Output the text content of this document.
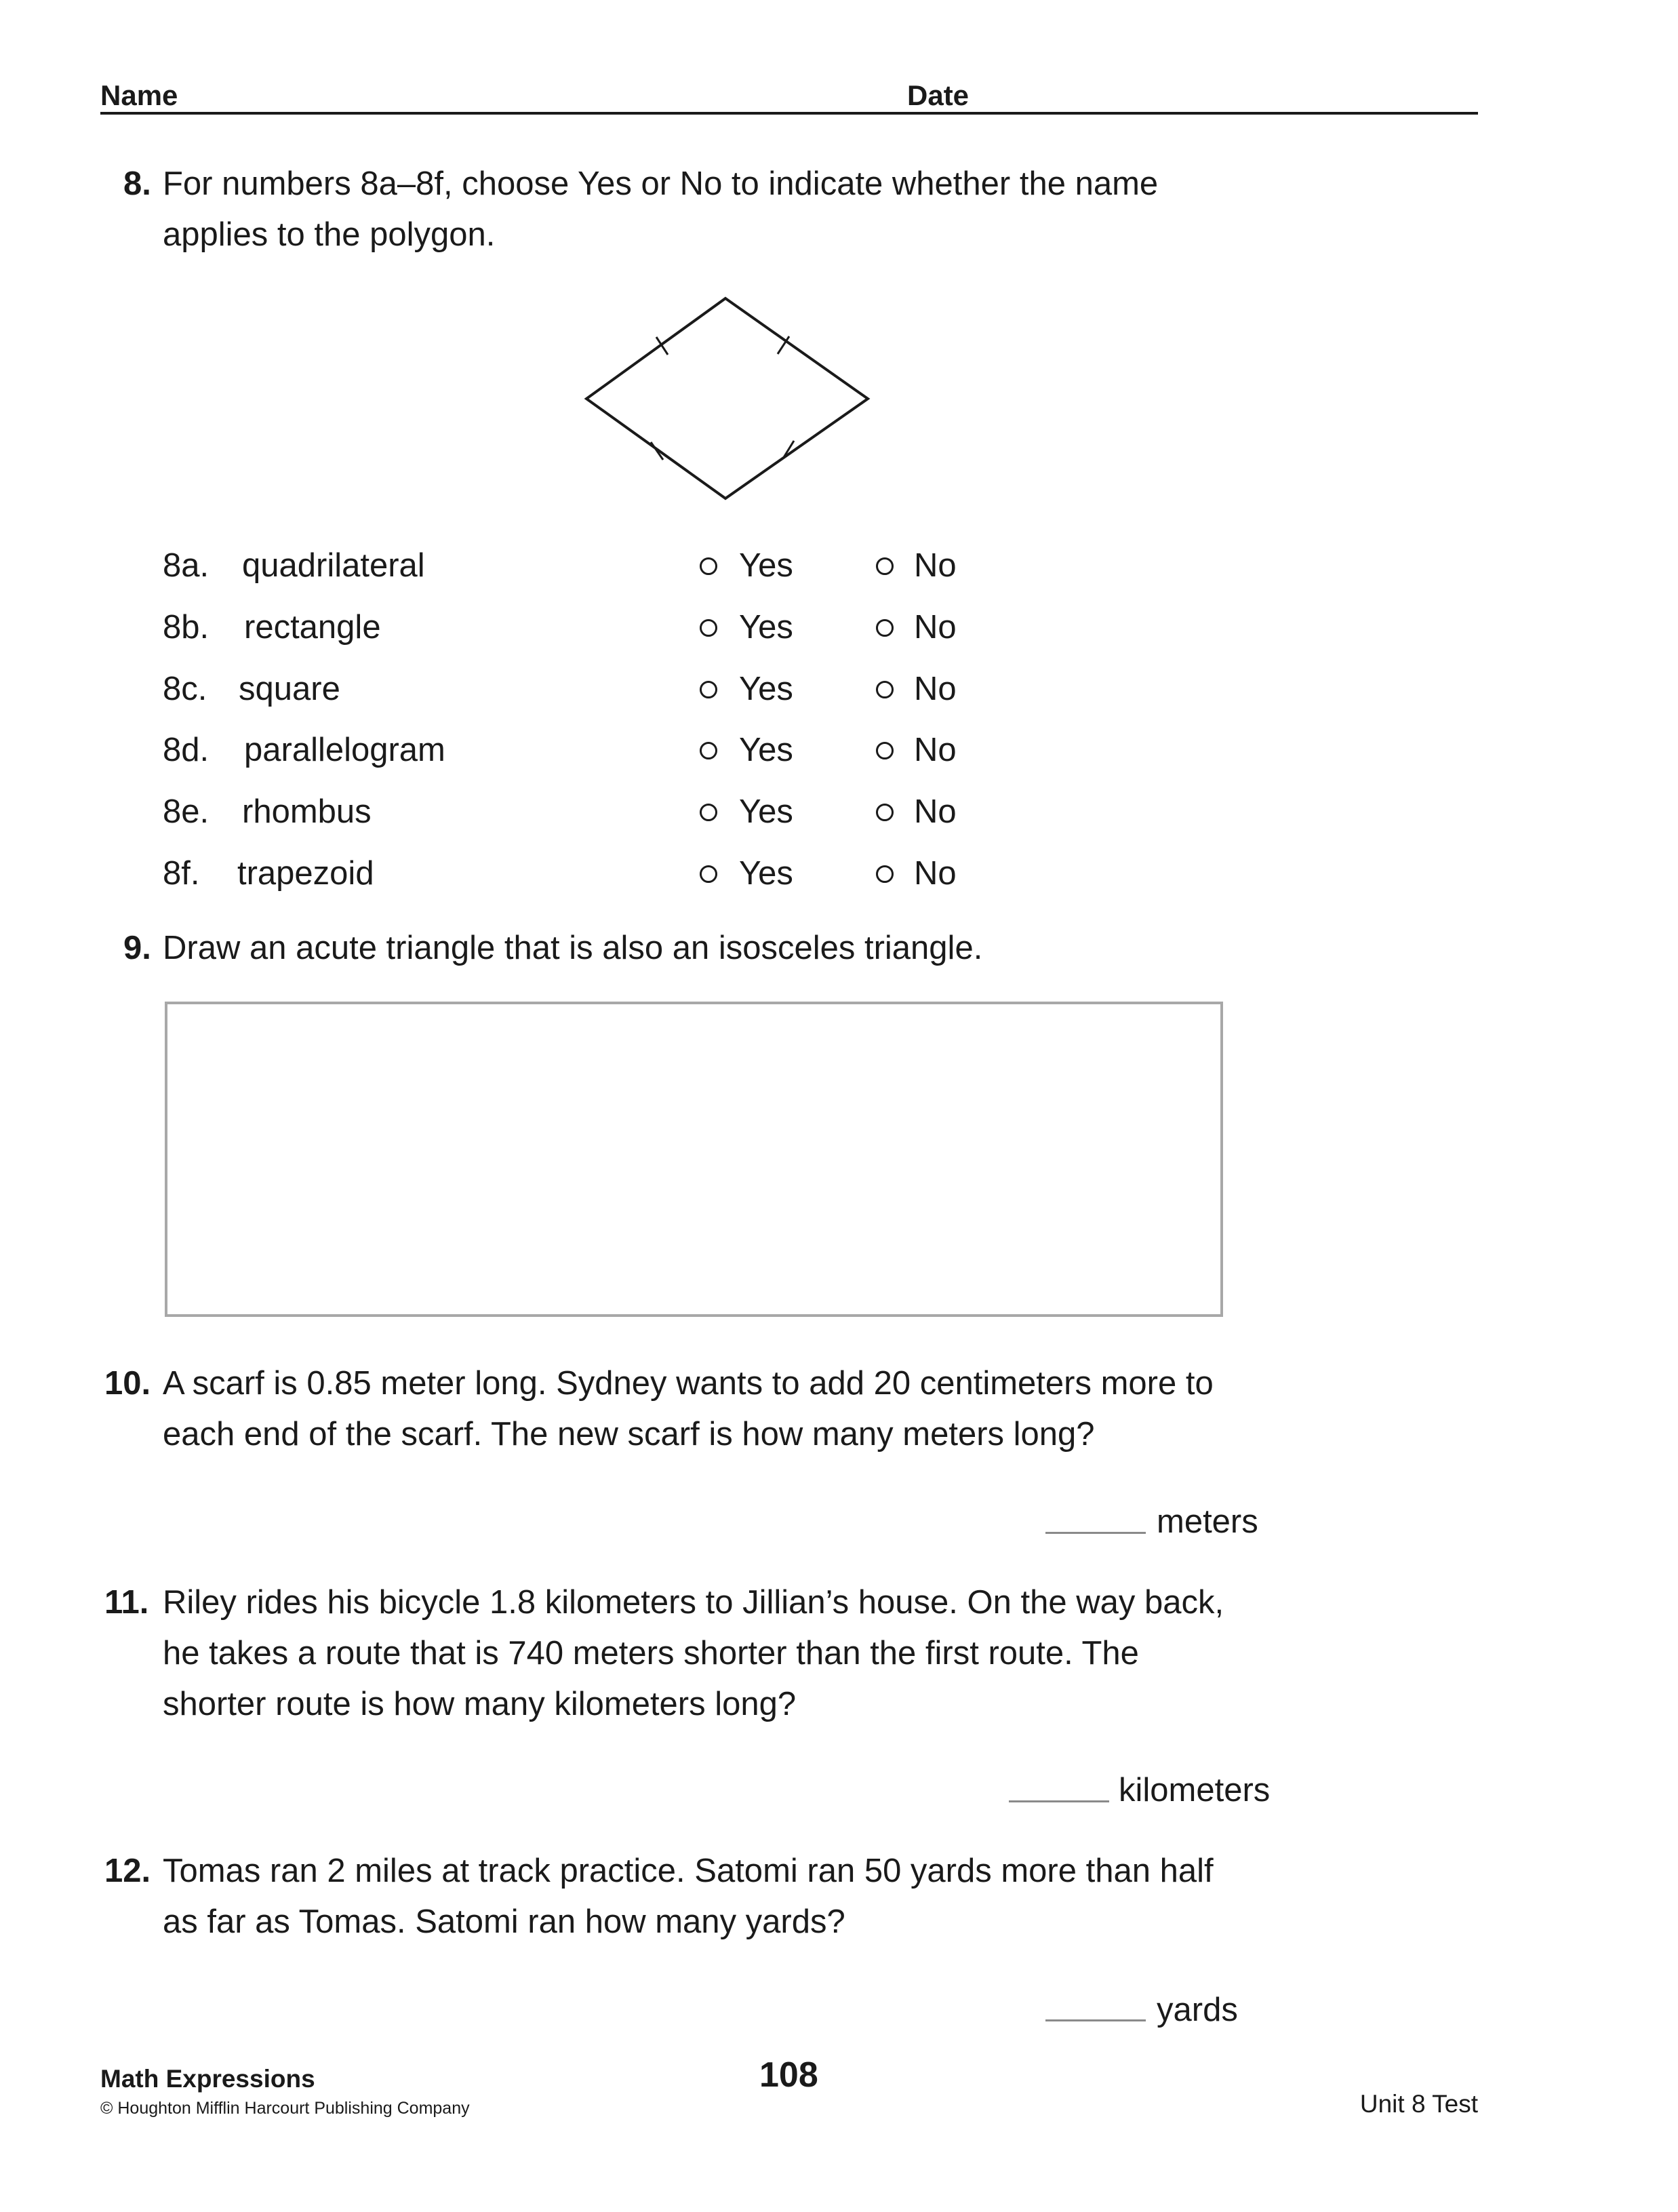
Name	Date
8. For numbers 8a–8f, choose Yes or No to indicate whether the name
applies to the polygon.
8a. quadrilateral	Yes	No
8b. rectangle	Yes	No
8c. square	Yes	No
8d. parallelogram	Yes	No
8e. rhombus	Yes	No
8f. trapezoid	Yes	No
9. Draw an acute triangle that is also an isosceles triangle.
10. A scarf is 0.85 meter long. Sydney wants to add 20 centimeters more to
each end of the scarf. The new scarf is how many meters long?
meters
11. Riley rides his bicycle 1.8 kilometers to Jillian’s house. On the way back,
he takes a route that is 740 meters shorter than the first route. The
shorter route is how many kilometers long?
kilometers
12. Tomas ran 2 miles at track practice. Satomi ran 50 yards more than half
as far as Tomas. Satomi ran how many yards?
yards
Math Expressions
© Houghton Mifflin Harcourt Publishing Company
108
Unit 8 Test
